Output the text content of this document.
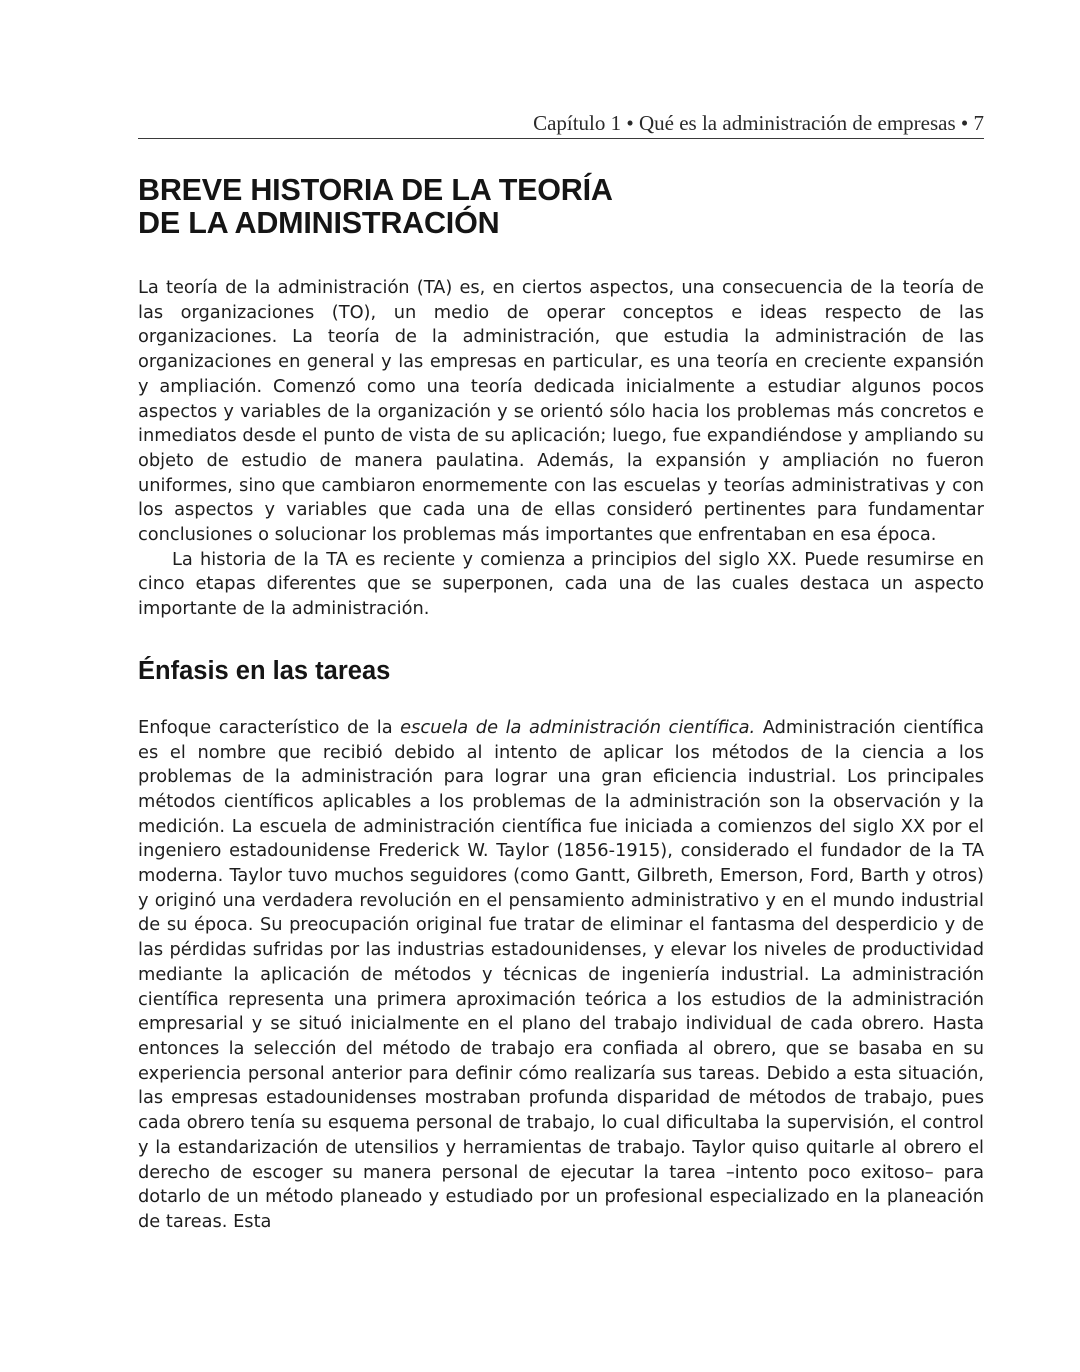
Capítulo 1 • Qué es la administración de empresas • 7
BREVE HISTORIA DE LA TEORÍA
DE LA ADMINISTRACIÓN

La teoría de la administración (TA) es, en ciertos aspectos, una consecuencia de la teoría de las organizaciones (TO), un medio de operar conceptos e ideas respecto de las organizaciones. La teoría de la administración, que estudia la administración de las organizaciones en general y las empresas en particular, es una teoría en creciente expansión y ampliación. Comenzó como una teoría dedicada inicialmente a estudiar algunos pocos aspectos y variables de la organización y se orientó sólo hacia los problemas más concretos e inmediatos desde el punto de vista de su aplicación; luego, fue expandiéndose y ampliando su objeto de estudio de manera paulatina. Además, la expansión y ampliación no fueron uniformes, sino que cambiaron enormemente con las escuelas y teorías administrativas y con los aspectos y variables que cada una de ellas consideró pertinentes para fundamentar conclusiones o solucionar los problemas más importantes que enfrentaban en esa época.

La historia de la TA es reciente y comienza a principios del siglo XX. Puede resumirse en cinco etapas diferentes que se superponen, cada una de las cuales destaca un aspecto importante de la administración.

Énfasis en las tareas

Enfoque característico de la escuela de la administración científica. Administración científica es el nombre que recibió debido al intento de aplicar los métodos de la ciencia a los problemas de la administración para lograr una gran eficiencia industrial. Los principales métodos científicos aplicables a los problemas de la administración son la observación y la medición. La escuela de administración científica fue iniciada a comienzos del siglo XX por el ingeniero estadounidense Frederick W. Taylor (1856-1915), considerado el fundador de la TA moderna. Taylor tuvo muchos seguidores (como Gantt, Gilbreth, Emerson, Ford, Barth y otros) y originó una verdadera revolución en el pensamiento administrativo y en el mundo industrial de su época. Su preocupación original fue tratar de eliminar el fantasma del desperdicio y de las pérdidas sufridas por las industrias estadounidenses, y elevar los niveles de productividad mediante la aplicación de métodos y técnicas de ingeniería industrial. La administración científica representa una primera aproximación teórica a los estudios de la administración empresarial y se situó inicialmente en el plano del trabajo individual de cada obrero. Hasta entonces la selección del método de trabajo era confiada al obrero, que se basaba en su experiencia personal anterior para definir cómo realizaría sus tareas. Debido a esta situación, las empresas estadounidenses mostraban profunda disparidad de métodos de trabajo, pues cada obrero tenía su esquema personal de trabajo, lo cual dificultaba la supervisión, el control y la estandarización de utensilios y herramientas de trabajo. Taylor quiso quitarle al obrero el derecho de escoger su manera personal de ejecutar la tarea –intento poco exitoso– para dotarlo de un método planeado y estudiado por un profesional especializado en la planeación de tareas. Esta
